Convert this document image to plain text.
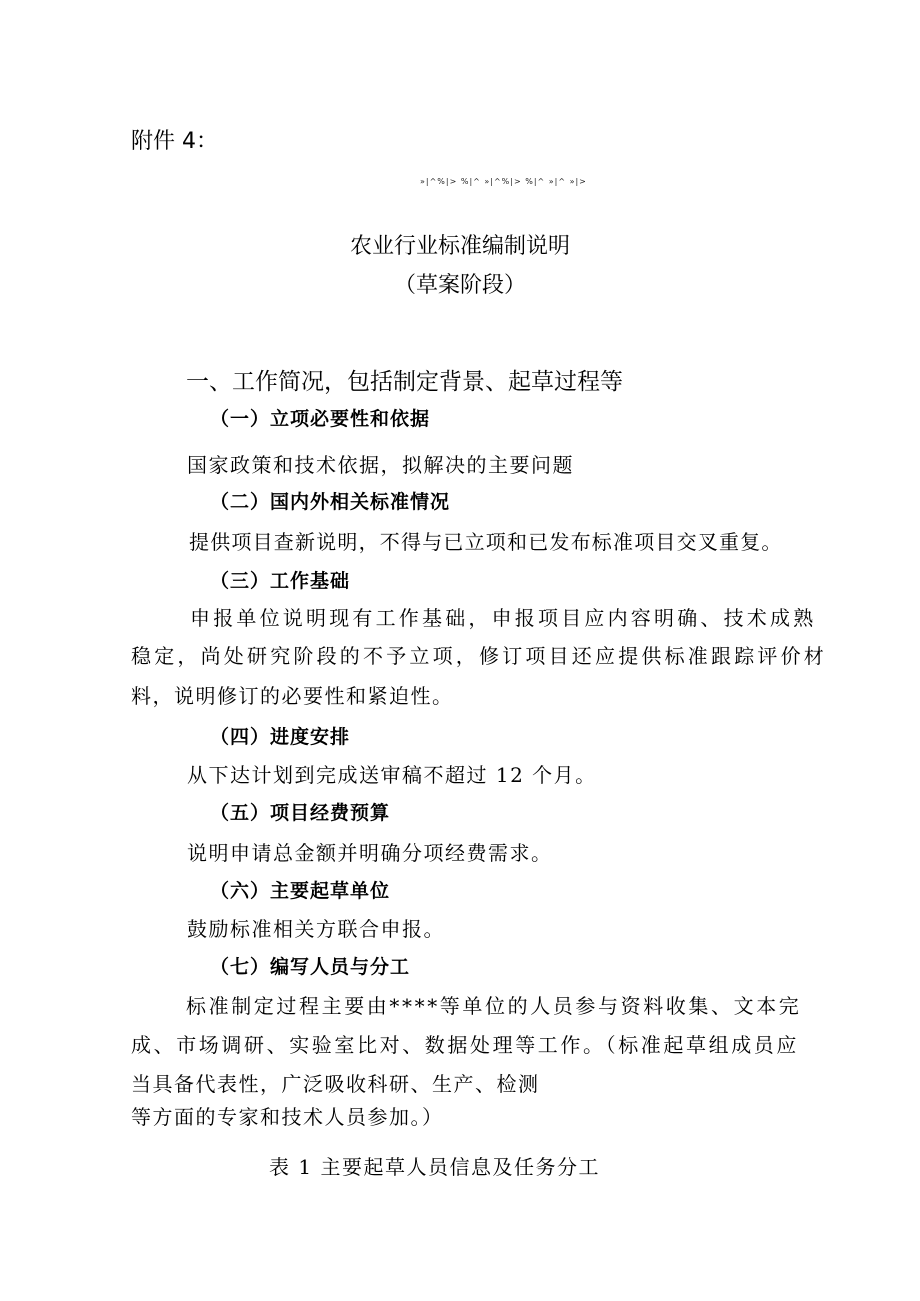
附件 4：
»|^%|> %|^ »|^%|> %|^ »|^ »|>
农业行业标准编制说明
（草案阶段）
一、工作简况，包括制定背景、起草过程等
（一）立项必要性和依据
国家政策和技术依据，拟解决的主要问题
（二）国内外相关标准情况
提供项目查新说明，不得与已立项和已发布标准项目交叉重复。
（三）工作基础
申报单位说明现有工作基础，申报项目应内容明确、技术成熟
稳定，尚处研究阶段的不予立项，修订项目还应提供标准跟踪评价材
料，说明修订的必要性和紧迫性。
（四）进度安排
从下达计划到完成送审稿不超过 12 个月。
（五）项目经费预算
说明申请总金额并明确分项经费需求。
（六）主要起草单位
鼓励标准相关方联合申报。
（七）编写人员与分工
标准制定过程主要由****等单位的人员参与资料收集、文本完
成、市场调研、实验室比对、数据处理等工作。（标准起草组成员应
当具备代表性，广泛吸收科研、生产、检测
等方面的专家和技术人员参加。）
表 1 主要起草人员信息及任务分工
